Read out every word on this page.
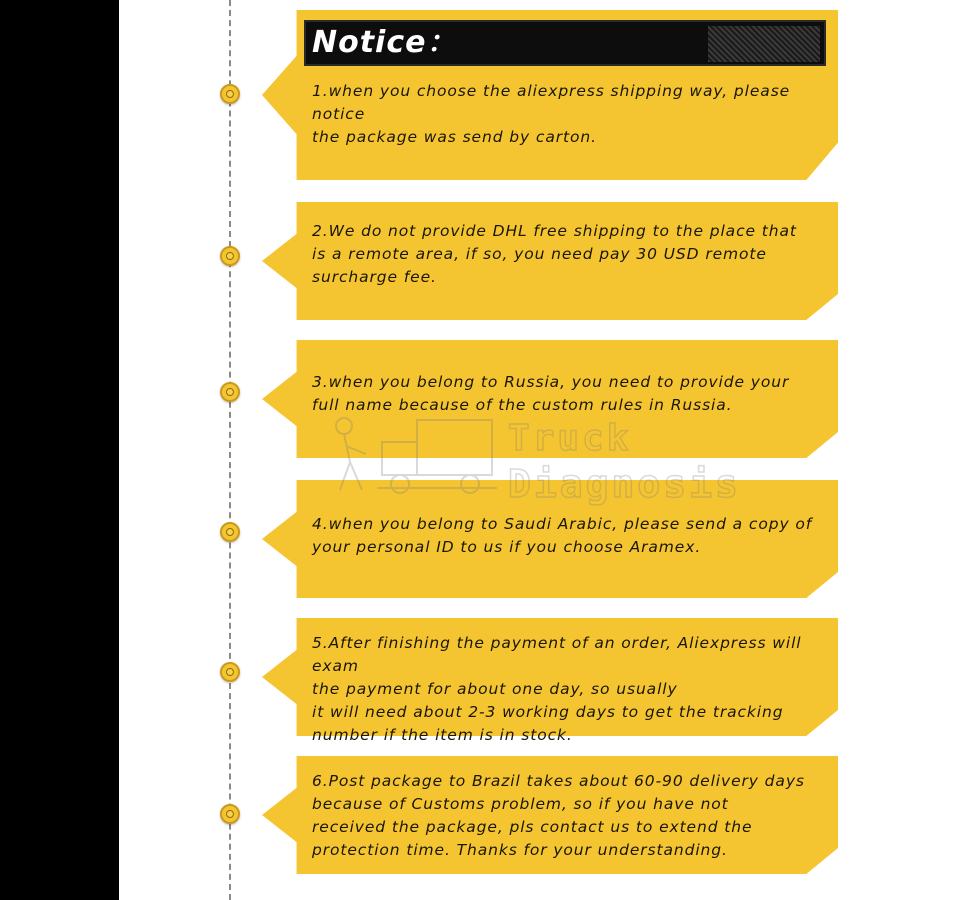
Notice：
1.when you choose the aliexpress shipping way, please notice
the package was send by carton.
2.We do not provide DHL free shipping to the place that
is a remote area, if so, you need pay 30 USD remote
surcharge fee.
3.when you belong to Russia, you need to provide your
full name because of the custom rules in Russia.
4.when you belong to Saudi Arabic, please send a copy of
your personal ID to us if you choose Aramex.
5.After finishing the payment of an order, Aliexpress will exam
the payment for about one day, so usually
it will need about 2-3 working days to get the tracking
number if the item is in stock.
6.Post package to Brazil takes about 60-90 delivery days
because of Customs problem, so if you have not
received the package, pls contact us to extend the
protection time. Thanks for your understanding.
